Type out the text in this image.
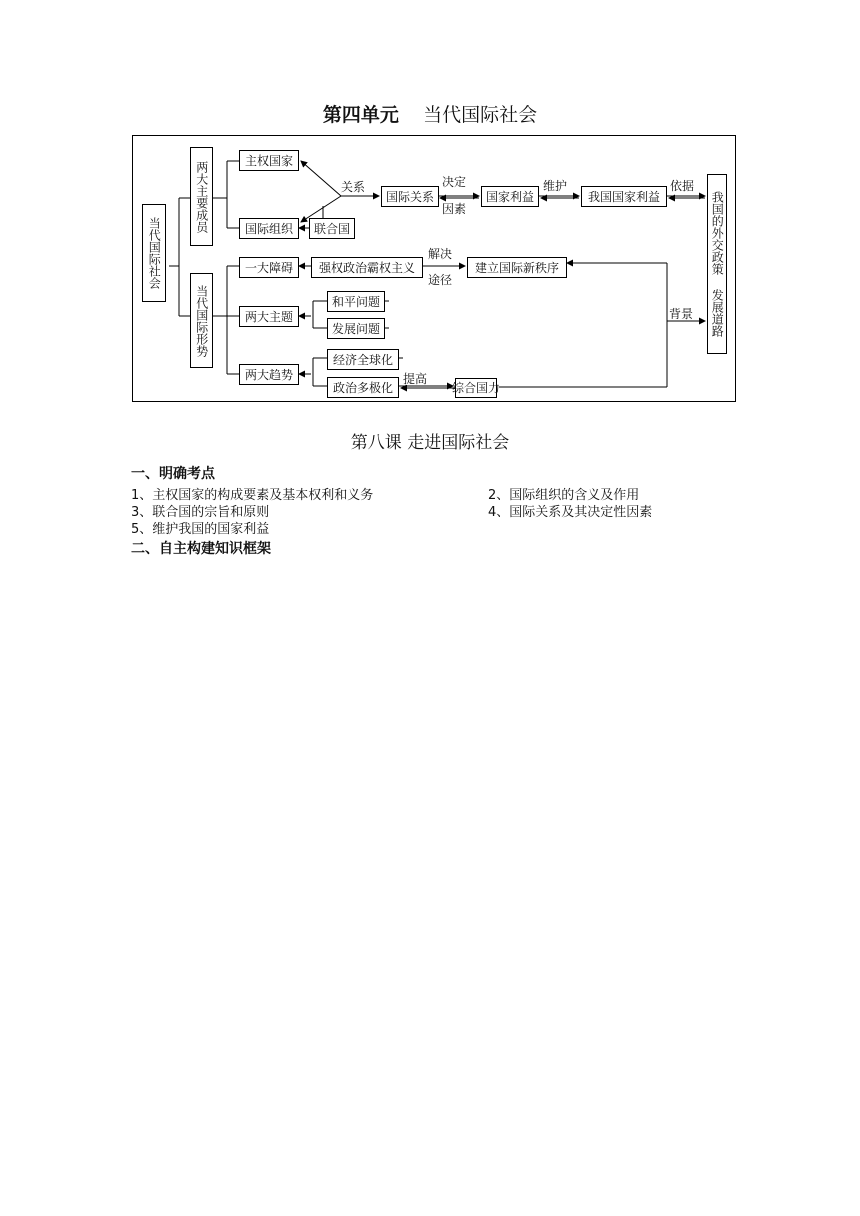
第四单元 当代国际社会
当代国际社会
两大主要成员
当代国际形势
主权国家
国际组织	联合国
关系
国际关系
决定
因素
国家利益
维护
我国国家利益
依据
我国的外交政策 发展道路
一大障碍	强权政治霸权主义
解决
途径
建立国际新秩序
两大主题
和平问题
发展问题
背景
两大趋势
经济全球化
政治多极化
提高
综合国力
第八课 走进国际社会
一、明确考点
1、主权国家的构成要素及基本权利和义务	2、国际组织的含义及作用
3、联合国的宗旨和原则	4、国际关系及其决定性因素
5、维护我国的国家利益
二、自主构建知识框架
